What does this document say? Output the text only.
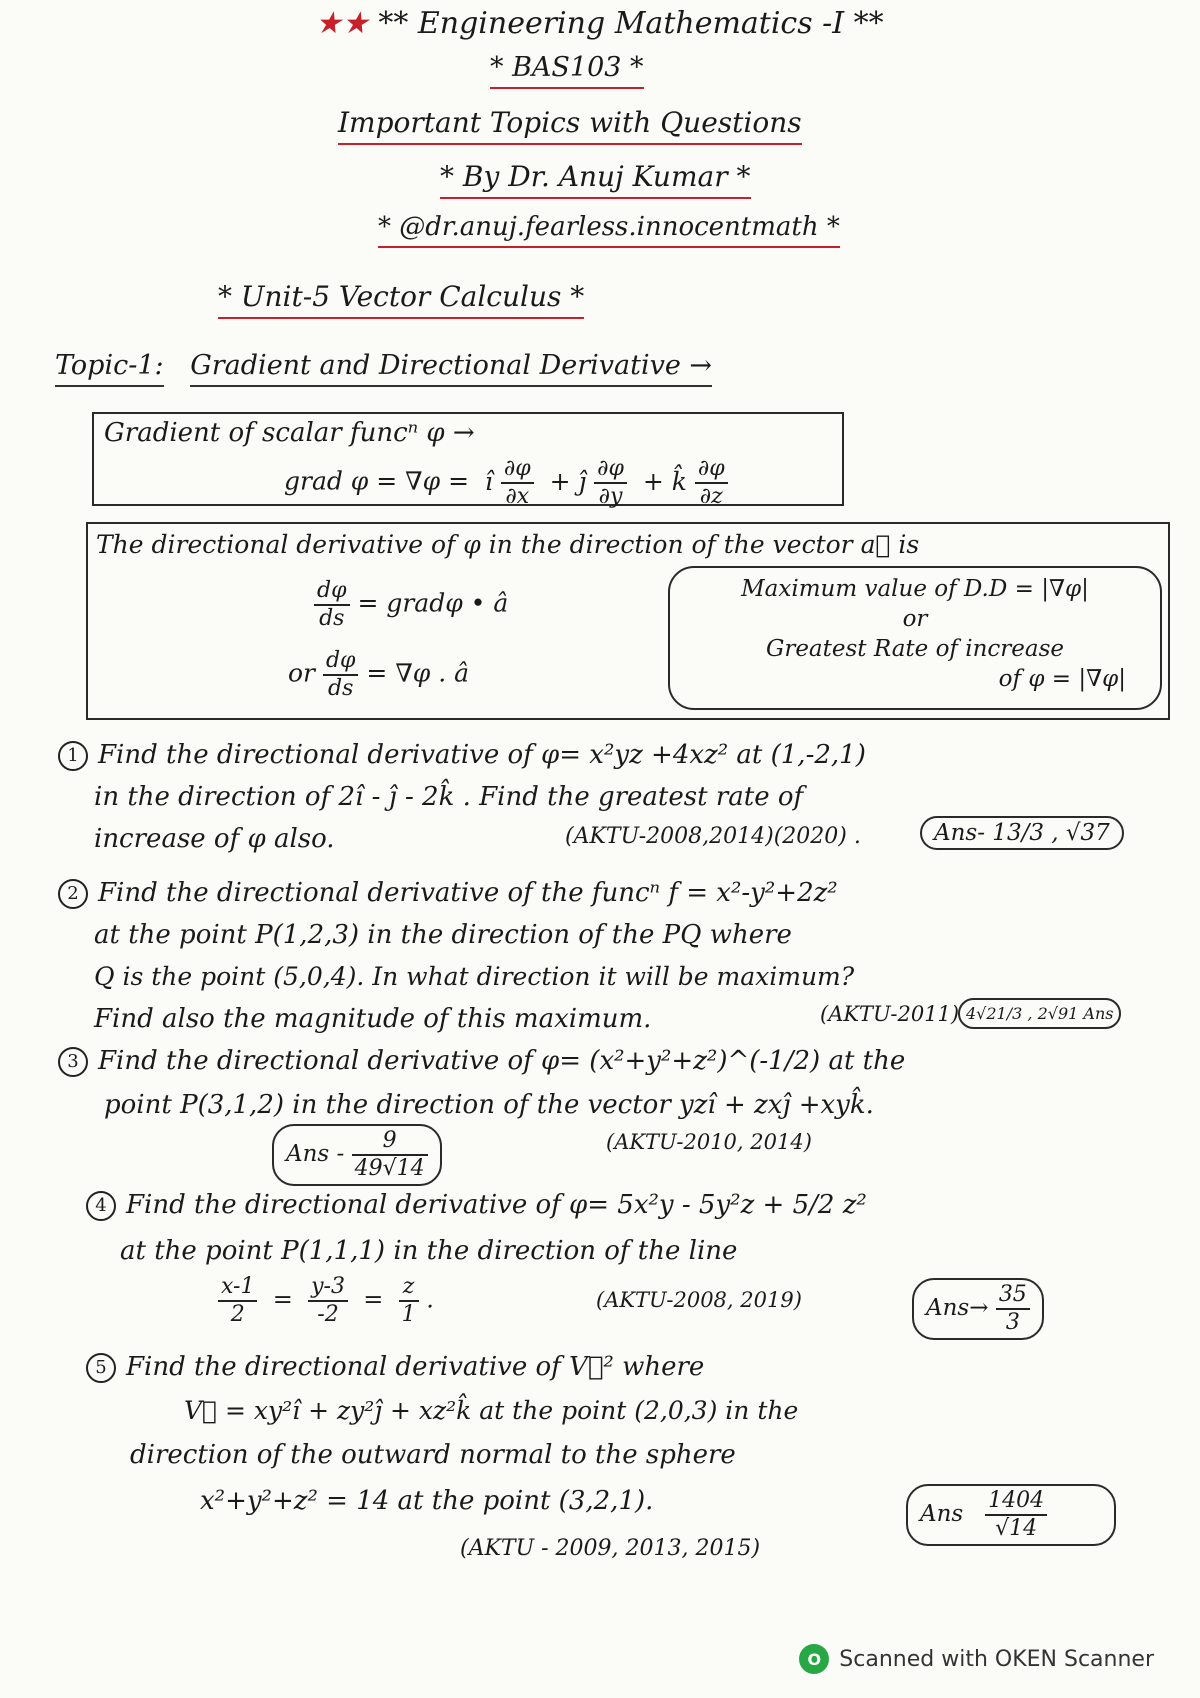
★★ ** Engineering Mathematics -I **
* BAS103 *
Important Topics with Questions
* By Dr. Anuj Kumar *
* @dr.anuj.fearless.innocentmath *
* Unit-5 Vector Calculus *
Topic-1: Gradient and Directional Derivative →
Gradient of scalar funcⁿ φ →
grad φ = ∇φ = î $\frac{\partial\varphi}{\partial x}$ + ĵ $\frac{\partial\varphi}{\partial y}$ + k̂ $\frac{\partial\varphi}{\partial z}$
The directional derivative of φ in the direction of the vector a⃗ is
$\frac{d\varphi}{ds}$ = gradφ • â
or $\frac{d\varphi}{ds} = \nabla\varphi$ . â
Maximum value of D.D = |∇φ|
or
Greatest Rate of increase
of φ = |∇φ|
1 Find the directional derivative of φ= x²yz +4xz² at (1,-2,1)
in the direction of 2î - ĵ - 2k̂ . Find the greatest rate of
increase of φ also.	(AKTU-2008,2014)(2020) .	Ans- 13/3 , √37
2 Find the directional derivative of the funcⁿ f = x²-y²+2z²
at the point P(1,2,3) in the direction of the PQ where
Q is the point (5,0,4). In what direction it will be maximum?
Find also the magnitude of this maximum.	(AKTU-2011) 4√21/3 , 2√91 Ans
3 Find the directional derivative of φ= (x²+y²+z²)^(-1/2) at the
point P(3,1,2) in the direction of the vector yzî + zxĵ +xyk̂.
Ans - $\frac{9}{49√14}$	(AKTU-2010, 2014)
4 Find the directional derivative of φ= 5x²y - 5y²z + 5/2 z²
at the point P(1,1,1) in the direction of the line
$\frac{x-1}{2} = \frac{y-3}{-2} = \frac{z}{1}$ .	(AKTU-2008, 2019)	$Ans\to \frac{35}{3}$
5 Find the directional derivative of V⃗² where
V⃗ = xy²î + zy²ĵ + xz²k̂ at the point (2,0,3) in the
direction of the outward normal to the sphere
x²+y²+z² = 14 at the point (3,2,1).
(AKTU - 2009, 2013, 2015)
Ans $\frac{1404}{√14}$
O Scanned with OKEN Scanner
